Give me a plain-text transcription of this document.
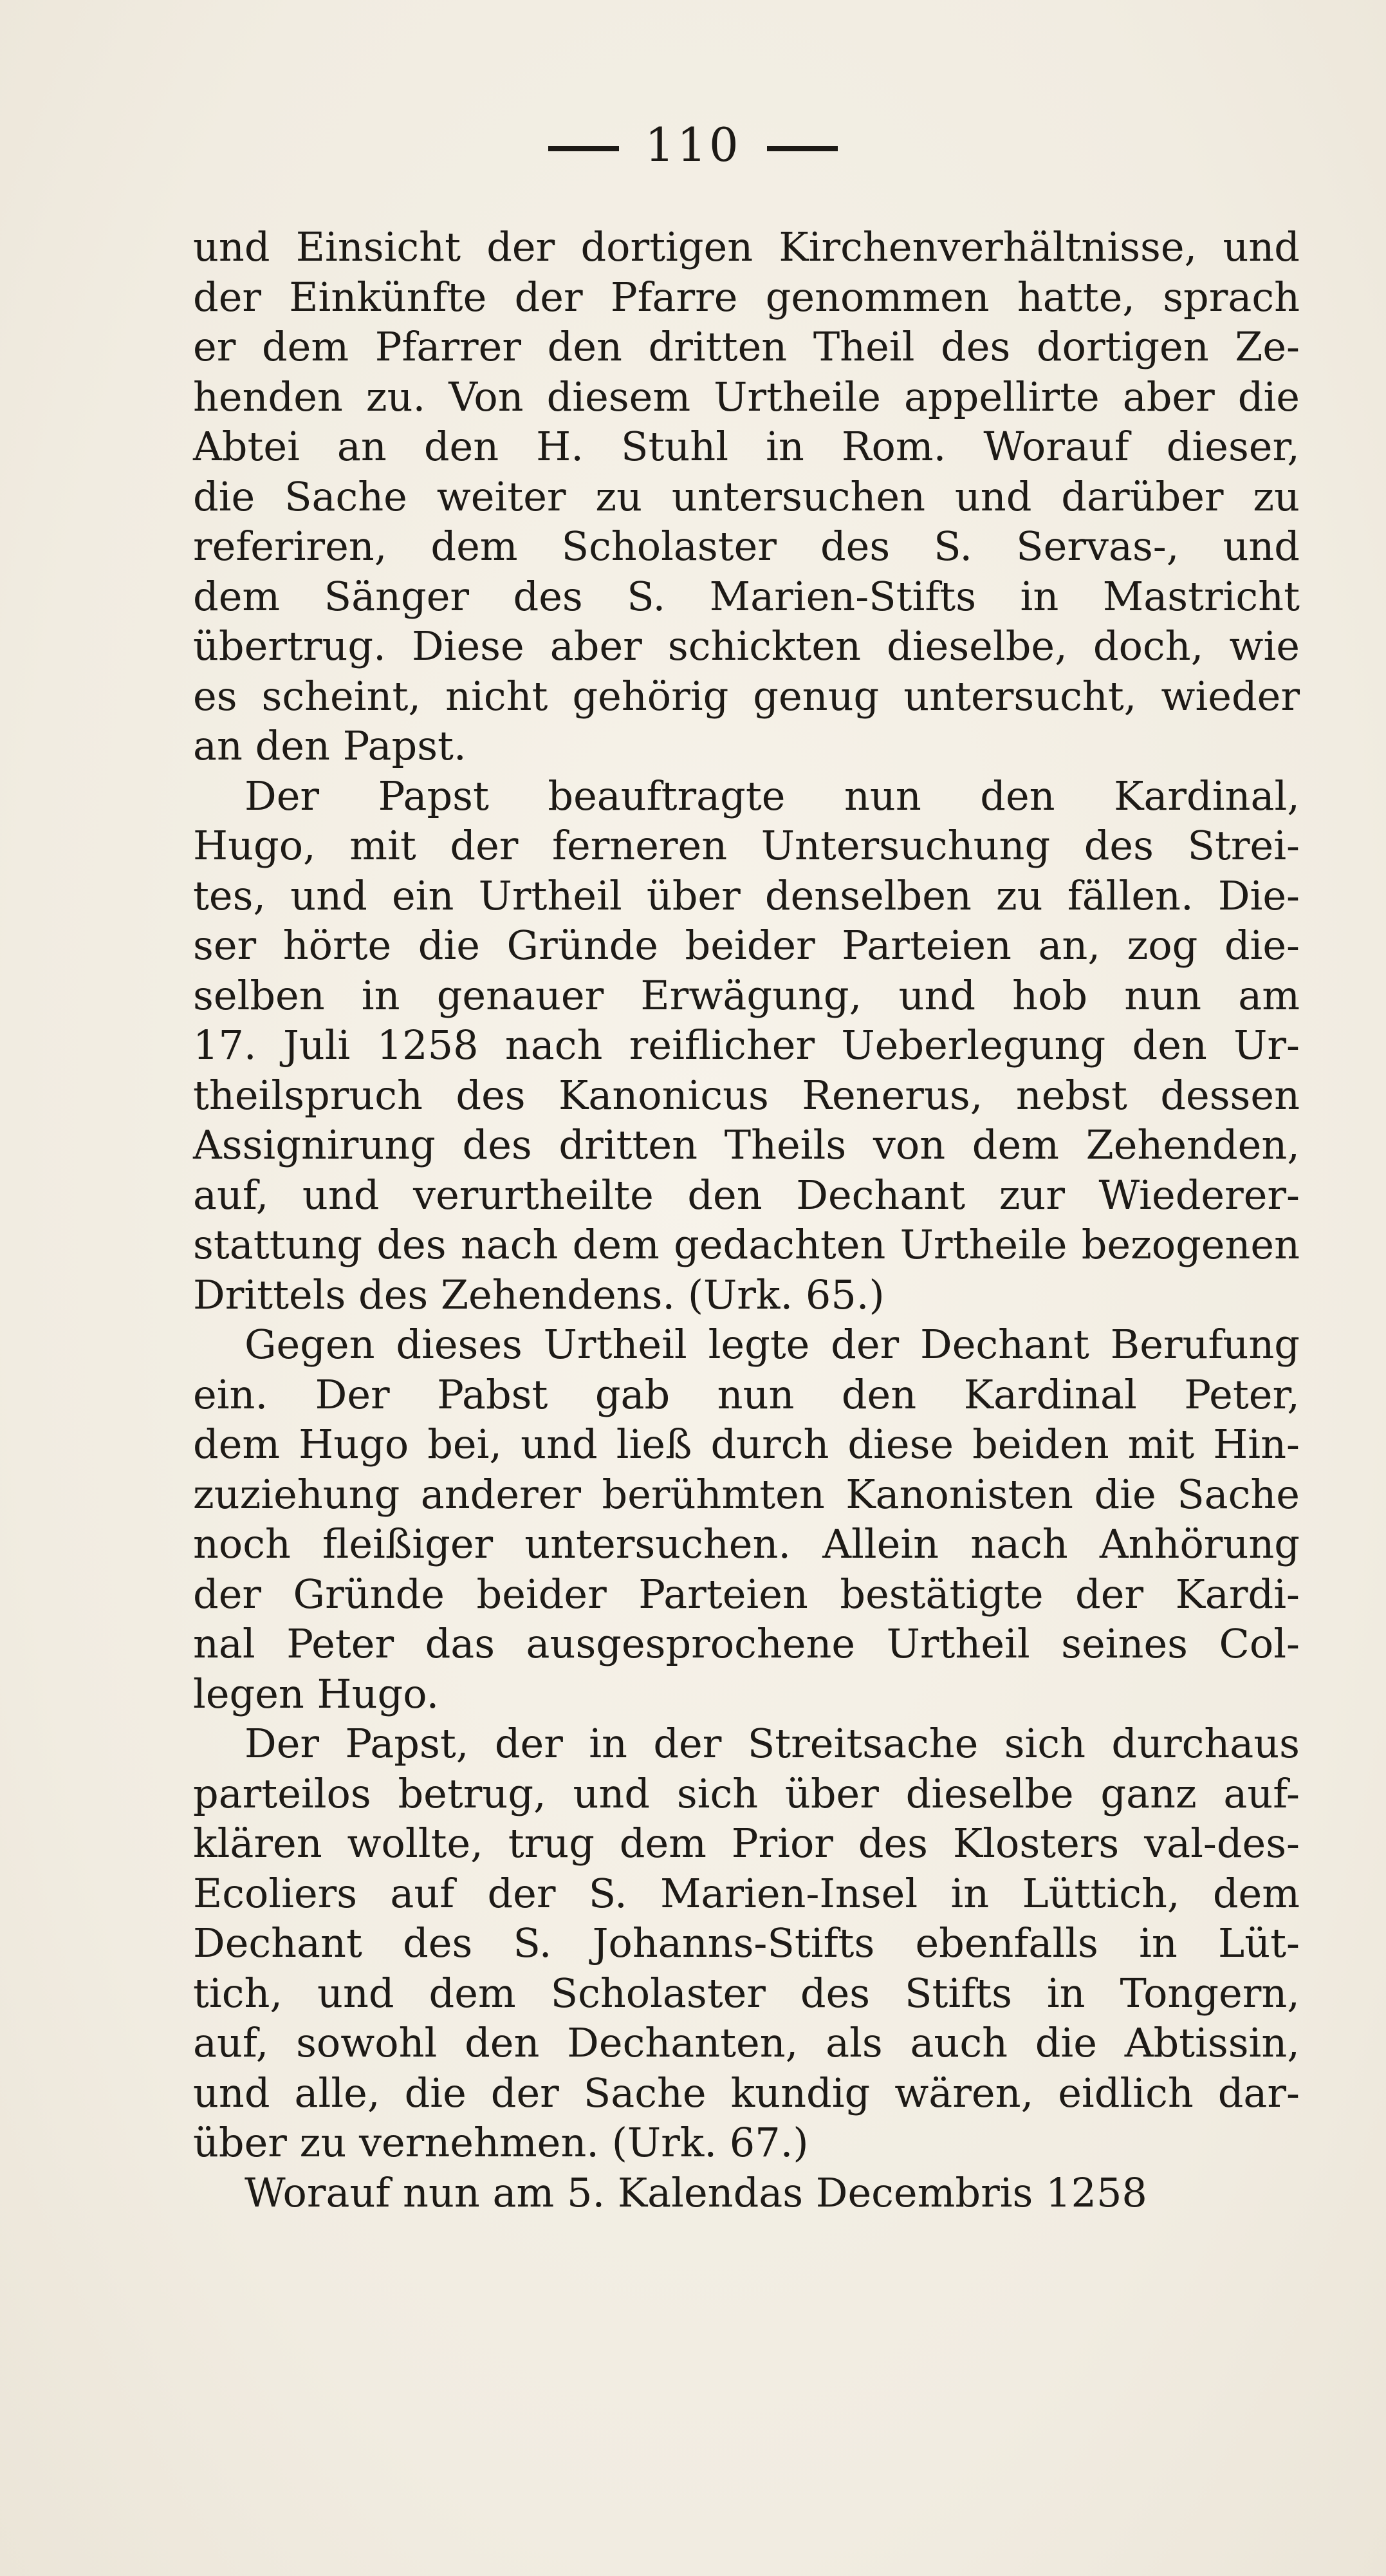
110
und Einsicht der dortigen Kirchenverhältnisse, und
der Einkünfte der Pfarre genommen hatte, sprach
er dem Pfarrer den dritten Theil des dortigen Ze-
henden zu. Von diesem Urtheile appellirte aber die
Abtei an den H. Stuhl in Rom. Worauf dieser,
die Sache weiter zu untersuchen und darüber zu
referiren, dem Scholaster des S. Servas-, und
dem Sänger des S. Marien-Stifts in Mastricht
übertrug. Diese aber schickten dieselbe, doch, wie
es scheint, nicht gehörig genug untersucht, wieder
an den Papst.
Der Papst beauftragte nun den Kardinal,
Hugo, mit der ferneren Untersuchung des Strei-
tes, und ein Urtheil über denselben zu fällen. Die-
ser hörte die Gründe beider Parteien an, zog die-
selben in genauer Erwägung, und hob nun am
17. Juli 1258 nach reiflicher Ueberlegung den Ur-
theilspruch des Kanonicus Renerus, nebst dessen
Assignirung des dritten Theils von dem Zehenden,
auf, und verurtheilte den Dechant zur Wiederer-
stattung des nach dem gedachten Urtheile bezogenen
Drittels des Zehendens. (Urk. 65.)
Gegen dieses Urtheil legte der Dechant Berufung
ein. Der Pabst gab nun den Kardinal Peter,
dem Hugo bei, und ließ durch diese beiden mit Hin-
zuziehung anderer berühmten Kanonisten die Sache
noch fleißiger untersuchen. Allein nach Anhörung
der Gründe beider Parteien bestätigte der Kardi-
nal Peter das ausgesprochene Urtheil seines Col-
legen Hugo.
Der Papst, der in der Streitsache sich durchaus
parteilos betrug, und sich über dieselbe ganz auf-
klären wollte, trug dem Prior des Klosters val-des-
Ecoliers auf der S. Marien-Insel in Lüttich, dem
Dechant des S. Johanns-Stifts ebenfalls in Lüt-
tich, und dem Scholaster des Stifts in Tongern,
auf, sowohl den Dechanten, als auch die Abtissin,
und alle, die der Sache kundig wären, eidlich dar-
über zu vernehmen. (Urk. 67.)
Worauf nun am 5. Kalendas Decembris 1258
